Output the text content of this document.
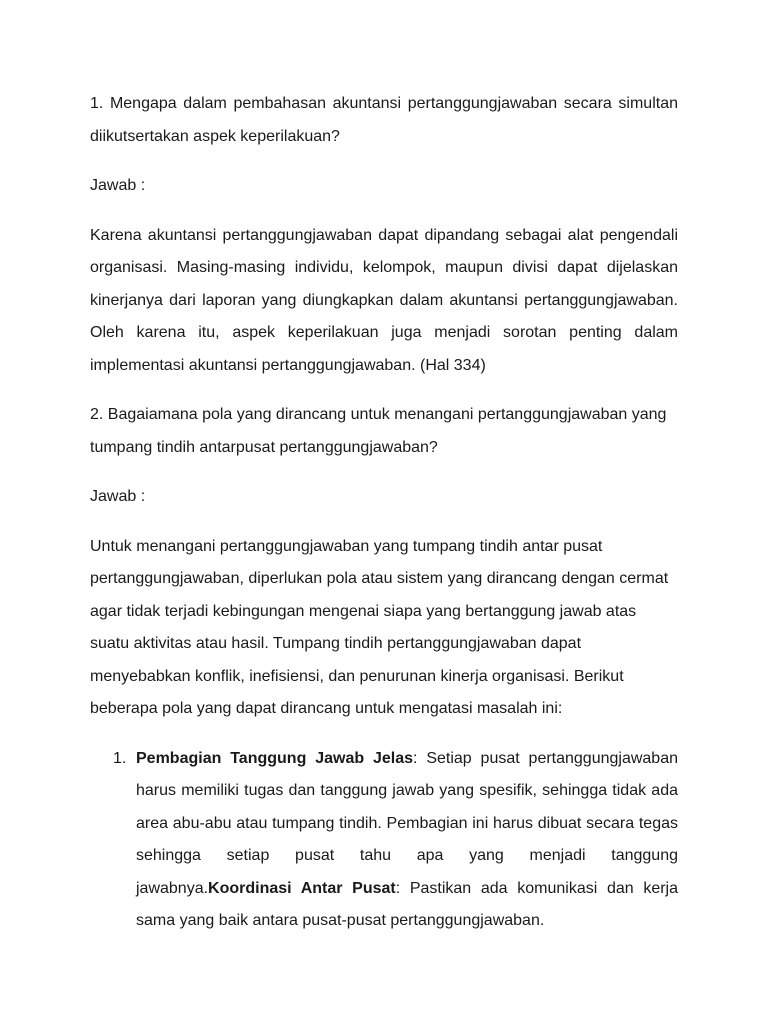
1. Mengapa dalam pembahasan akuntansi pertanggungjawaban secara simultan diikutsertakan aspek keperilakuan?

Jawab :

Karena akuntansi pertanggungjawaban dapat dipandang sebagai alat pengendali organisasi. Masing-masing individu, kelompok, maupun divisi dapat dijelaskan kinerjanya dari laporan yang diungkapkan dalam akuntansi pertanggungjawaban. Oleh karena itu, aspek keperilakuan juga menjadi sorotan penting dalam implementasi akuntansi pertanggungjawaban. (Hal 334)

2. Bagaiamana pola yang dirancang untuk menangani pertanggungjawaban yang tumpang tindih antarpusat pertanggungjawaban?

Jawab :

Untuk menangani pertanggungjawaban yang tumpang tindih antar pusat pertanggungjawaban, diperlukan pola atau sistem yang dirancang dengan cermat agar tidak terjadi kebingungan mengenai siapa yang bertanggung jawab atas suatu aktivitas atau hasil. Tumpang tindih pertanggungjawaban dapat menyebabkan konflik, inefisiensi, dan penurunan kinerja organisasi. Berikut beberapa pola yang dapat dirancang untuk mengatasi masalah ini:

1. Pembagian Tanggung Jawab Jelas: Setiap pusat pertanggungjawaban harus memiliki tugas dan tanggung jawab yang spesifik, sehingga tidak ada area abu-abu atau tumpang tindih. Pembagian ini harus dibuat secara tegas sehingga setiap pusat tahu apa yang menjadi tanggung jawabnya.Koordinasi Antar Pusat: Pastikan ada komunikasi dan kerja sama yang baik antara pusat-pusat pertanggungjawaban.
